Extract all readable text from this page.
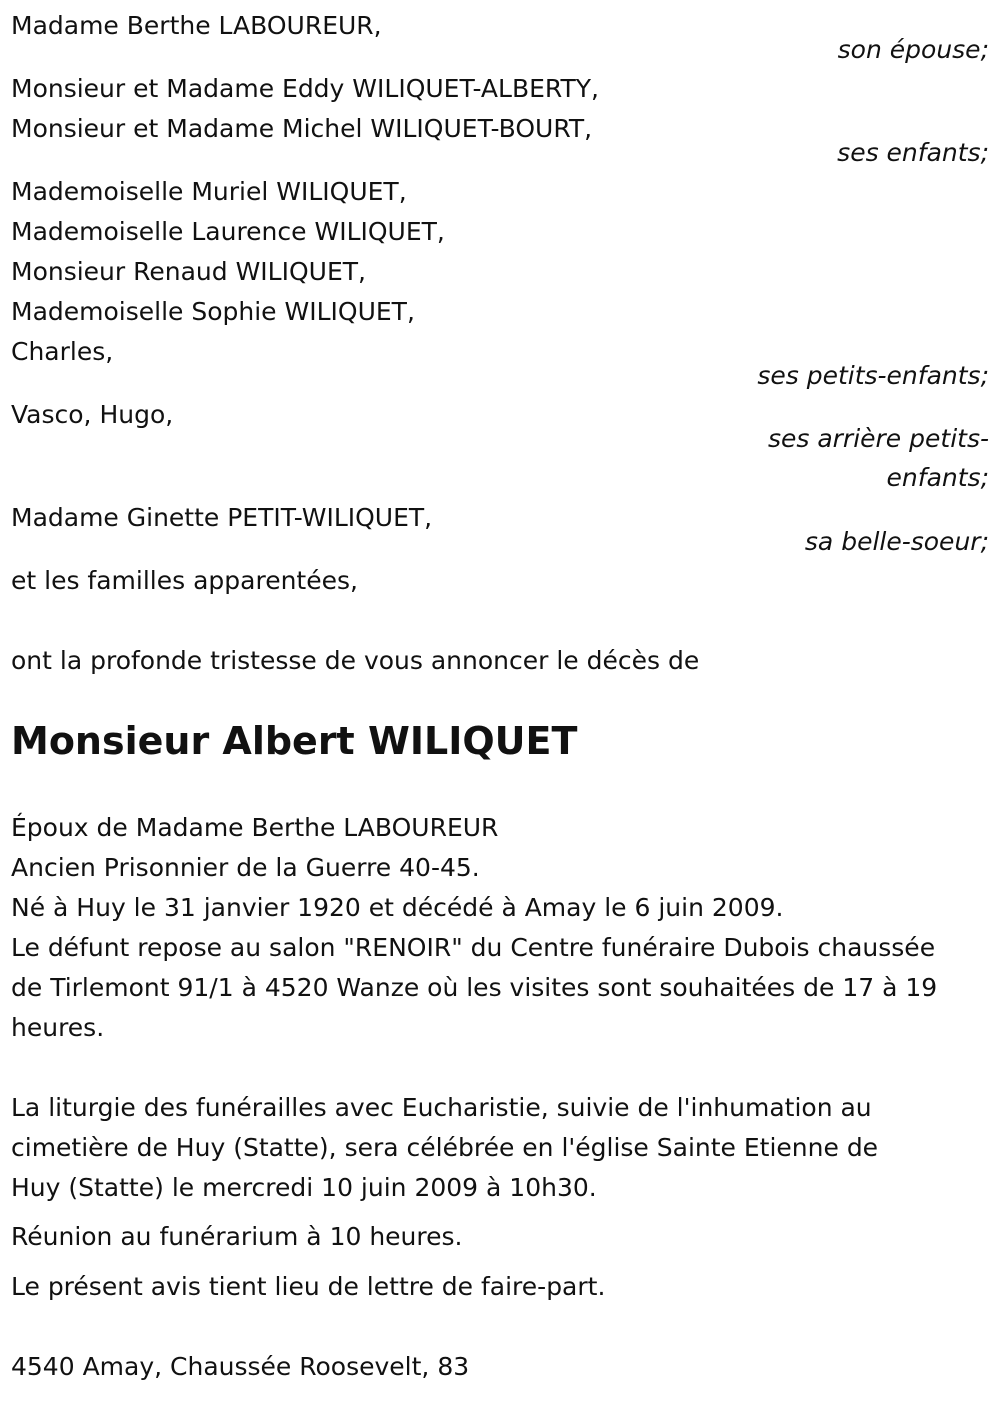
Madame Berthe LABOUREUR,
son épouse;
Monsieur et Madame Eddy WILIQUET-ALBERTY,
Monsieur et Madame Michel WILIQUET-BOURT,
ses enfants;
Mademoiselle Muriel WILIQUET,
Mademoiselle Laurence WILIQUET,
Monsieur Renaud WILIQUET,
Mademoiselle Sophie WILIQUET,
Charles,
ses petits-enfants;
Vasco, Hugo,
ses arrière petits-
enfants;
Madame Ginette PETIT-WILIQUET,
sa belle-soeur;
et les familles apparentées,
ont la profonde tristesse de vous annoncer le décès de
Monsieur Albert WILIQUET
Époux de Madame Berthe LABOUREUR
Ancien Prisonnier de la Guerre 40-45.
Né à Huy le 31 janvier 1920 et décédé à Amay le 6 juin 2009.
Le défunt repose au salon "RENOIR" du Centre funéraire Dubois chaussée
de Tirlemont 91/1 à 4520 Wanze où les visites sont souhaitées de 17 à 19
heures.
La liturgie des funérailles avec Eucharistie, suivie de l'inhumation au
cimetière de Huy (Statte), sera célébrée en l'église Sainte Etienne de
Huy (Statte) le mercredi 10 juin 2009 à 10h30.
Réunion au funérarium à 10 heures.
Le présent avis tient lieu de lettre de faire-part.
4540 Amay, Chaussée Roosevelt, 83
